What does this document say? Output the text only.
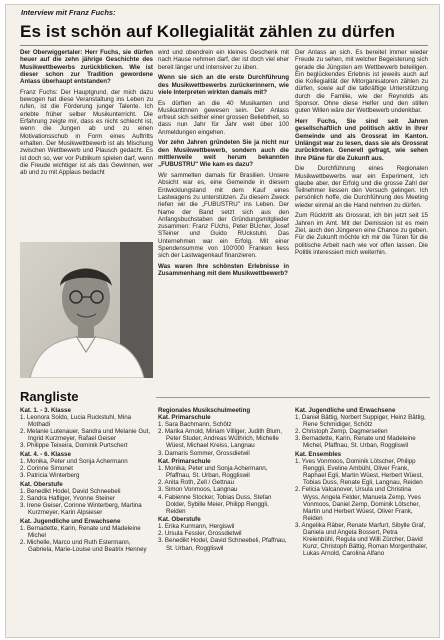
Interview mit Franz Fuchs:
Es ist schön auf Kollegialität zählen zu dürfen

Der Oberwiggertaler: Herr Fuchs, sie dürfen heuer auf die zehn jährige Geschichte des Musikwettbewerbs zurückblicken. Wie ist dieser schon zur Tradition gewordene Anlass überhaupt entstanden?

Franz Fuchs: Der Hauptgrund, der mich dazu bewogen hat diese Veranstaltung ins Leben zu rufen, ist die Förderung junger Talente. Ich erlebte früher selber Musikunterricht. Die Erfahrung zeigte mir, dass es nicht schlecht ist, wenn die Jungen ab und zu einen Motivationsschub in Form eines Auftritts erhalten. Der Musikwettbewerb ist als Mischung zwischen Wettbewerb und Plausch gedacht. Es ist doch so, wer vor Publikum spielen darf, wenn die Freude wichtiger ist als das Gewinnen, wer ab und zu mit Applaus bedacht

wird und obendrein ein kleines Geschenk mit nach Hause nehmen darf, der ist doch viel eher bereit länger und intensiver zu üben.

Wenn sie sich an die erste Durchführung des Musikwettbewerbs zurückerinnern, wie viele Interpreten wirkten damals mit?

Es dürften an die 40 Musikanten und Musikantinnen gewesen sein. Der Anlass erfreut sich seither einer grossen Beliebtheit, so dass nun Jahr für Jahr weit über 100 Anmeldungen eingehen.

Vor zehn Jahren gründeten Sie ja nicht nur den Musikwettbewerb, sondern auch die mittlerweile weit herum bekannten „FUBUSTRU" Wie kam es dazu?

Wir sammelten damals für Brasilien. Unsere Absicht war es, eine Gemeinde in diesem Entwicklungsland mit dem Kauf eines Lastwagens zu unterstützen. Zu diesem Zweck riefen wir die „FUBUSTRU" ins Leben. Der Name der Band setzt sich aus den Anfangsbuchstaben der Gründungsmitglieder zusammen: Franz FUchs, Peter BUcher, Josef STeiner und Guido RUckstuhl. Das Unternehmen war ein Erfolg. Mit einer Spendensumme von 100'000 Franken liess sich der Lastwagenkauf finanzieren.

Was waren Ihre schönsten Erlebnisse in Zusammenhang mit dem Musikwettbewerb?

Der Anlass an sich. Es bereitet immer wieder Freude zu sehen, mit welcher Begeisterung sich gerade die Jüngsten am Wettbewerb beteiligen. Ein beglückendes Erlebnis ist jeweils auch auf die Kollegialität der Mitorganisatoren zählen zu dürfen, sowie auf die tatkräftige Unterstützung durch die Familie, wie der Reynolds als Sponsor. Ohne diese Helfer und den stillen guten Willen wäre der Wettbewerb undenkbar.

Herr Fuchs, Sie sind seit Jahren gesellschaftlich und politisch aktiv in ihrer Gemeinde und als Grossrat im Kanton. Unlängst war zu lesen, dass sie als Grossrat zurücktreten. Generell gefragt, wie sehen Ihre Pläne für die Zukunft aus.

Die Durchführung eines Regionalen Musikwettbewerbs war ein Experiment, ich glaube aber, der Erfolg und die grosse Zahl der Teilnehmer liessen den Versuch gelingen. Ich persönlich hoffe, die Durchführung des Meeting wieder einmal an die Hand nehmen zu dürfen.

Zum Rücktritt als Grossrat, ich bin jetzt seit 15 Jahren im Amt. Mit der Demission ist es mein Ziel, auch den Jüngeren eine Chance zu geben. Für die Zukunft möchte ich mir die Türen für die politische Arbeit nach wie vor offen lassen. Die Politik interessiert mich weiterhin.

Rangliste
Kat. 1. - 3. Klasse
1. Leonora Soldo, Lucia Ruckstuhl, Mina Mothadi
2. Melanie Lutenauer, Sandra und Melanie Gut, Ingrid Kurzmeyer, Rafael Geiser
3. Philippe Teixeira, Dominik Purtschert
Kat. 4. - 6. Klasse
1. Monika, Peter und Sonja Achermann
2. Corinne Simonet
3. Patricia Winterberg
Kat. Oberstufe
1. Benedikt Hodel, David Schneebeli
2. Sandra Hafliger, Yvonne Steiner
3. Irene Geiser, Corinne Winterberg, Martina Kurzmeyer, Karin Alpsieser
Kat. Jugendliche und Erwachsene
1. Bernadette, Karin, Renate und Madeleine Michel
2. Michelle, Marco und Ruth Estermann, Gabriela, Marie-Louise und Beatrix Henney
Regionales Musikschulmeeting
Kat. Primarschule
1. Sara Bachmann, Schötz
2. Marika Arnold, Miriam Villiger, Judith Blum, Peter Studer, Andreas Wüthrich, Michelle Wüest, Michael Kreiss, Langnau
3. Damaris Sommer, Grossdietwil
Kat. Primarschule
1. Monika, Peter und Sonja Achermann, Pfaffnau, St. Urban, Roggliswil
2. Anita Roth, Zell / Gettnau
3. Simon Vonmoos, Langnau
4. Fabienne Stocker, Tobias Duss, Stefan Dolder, Sybille Meier, Philipp Renggli, Reiden
Kat. Oberstufe
1. Erika Kurmann, Hergiswil
2. Ursula Fessler, Grossdietwil
3. Benedikt Hodel, David Schneebeli, Pfaffnau, St. Urban, Roggliswil
Kat. Jugendliche und Erwachsene
1. Daniel Bättig, Norbert Suppiger, Heinz Bättig, Rene Schmidiger, Schötz
2. Christoph Zemp, Dagmersellen
3. Bernadette, Karin, Renate und Madeleine Michel, Pfaffnau, St. Urban, Roggliswil
Kat. Ensembles
1. Yves Vonmoos, Dominik Lötscher, Philipp Renggli, Eveline Ambühl, Oliver Frank, Raphael Egli, Martin Wüest, Herbert Wüest, Tobias Duss, Renate Egli, Langnau, Reiden
2. Felicia Valcanover, Ursula und Christina Wyss, Angela Felder, Manuela Zemp, Yves Vonmoos, Daniel Zemp, Dominik Lötscher, Martin und Herbert Wüest, Oliver Frank, Reiden
3. Angelika Räber, Renate Marfurt, Sibylle Graf, Daniela und Angela Bossert, Petra Kreienbühl, Regula und Willi Zürcher, David Kunz, Christoph Bättig, Roman Morgenthaler, Lukas Arnold, Carolina Alfano
